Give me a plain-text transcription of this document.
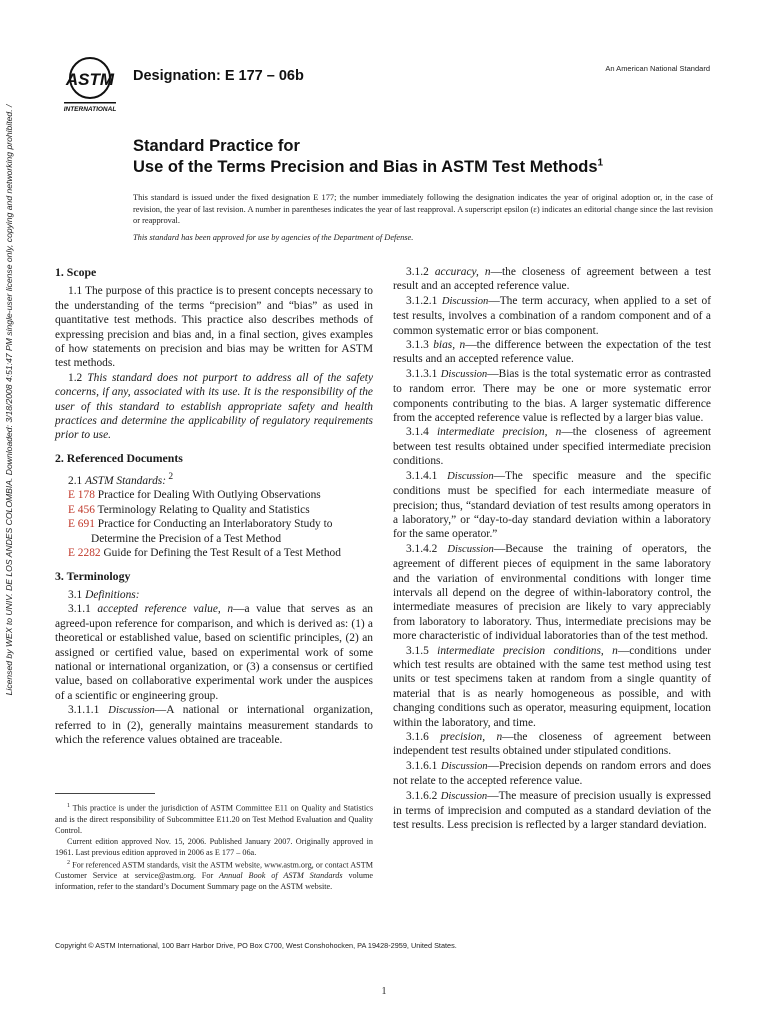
Licensed by WEX to UNIV. DE LOS ANDES COLOMBIA. Downloaded: 3/18/2008 4:51:47 PM single-user license only, copying and networking prohibited. /
ASTM
INTERNATIONAL
Designation: E 177 – 06b	An American National Standard
Standard Practice for
Use of the Terms Precision and Bias in ASTM Test Methods$^1$
This standard is issued under the fixed designation E 177; the number immediately following the designation indicates the year of original adoption or, in the case of revision, the year of last revision. A number in parentheses indicates the year of last reapproval. A superscript epsilon (ε) indicates an editorial change since the last revision or reapproval.
This standard has been approved for use by agencies of the Department of Defense.
1. Scope
1.1 The purpose of this practice is to present concepts necessary to the understanding of the terms “precision” and “bias” as used in quantitative test methods. This practice also describes methods of expressing precision and bias and, in a final section, gives examples of how statements on precision and bias may be written for ASTM test methods.
1.2 This standard does not purport to address all of the safety concerns, if any, associated with its use. It is the responsibility of the user of this standard to establish appropriate safety and health practices and determine the applicability of regulatory requirements prior to use.
2. Referenced Documents
2.1 ASTM Standards: $^2$
E 178 Practice for Dealing With Outlying Observations
E 456 Terminology Relating to Quality and Statistics
E 691 Practice for Conducting an Interlaboratory Study to
Determine the Precision of a Test Method
E 2282 Guide for Defining the Test Result of a Test Method
3. Terminology
3.1 Definitions:
3.1.1 accepted reference value, n—a value that serves as an agreed-upon reference for comparison, and which is derived as: (1) a theoretical or established value, based on scientific principles, (2) an assigned or certified value, based on experimental work of some national or international organization, or (3) a consensus or certified value, based on collaborative experimental work under the auspices of a scientific or engineering group.
3.1.1.1 Discussion—A national or international organization, referred to in (2), generally maintains measurement standards to which the reference values obtained are traceable.
3.1.2 accuracy, n—the closeness of agreement between a test result and an accepted reference value.
3.1.2.1 Discussion—The term accuracy, when applied to a set of test results, involves a combination of a random component and of a common systematic error or bias component.
3.1.3 bias, n—the difference between the expectation of the test results and an accepted reference value.
3.1.3.1 Discussion—Bias is the total systematic error as contrasted to random error. There may be one or more systematic error components contributing to the bias. A larger systematic difference from the accepted reference value is reflected by a larger bias value.
3.1.4 intermediate precision, n—the closeness of agreement between test results obtained under specified intermediate precision conditions.
3.1.4.1 Discussion—The specific measure and the specific conditions must be specified for each intermediate measure of precision; thus, “standard deviation of test results among operators in a laboratory,” or “day-to-day standard deviation within a laboratory for the same operator.”
3.1.4.2 Discussion—Because the training of operators, the agreement of different pieces of equipment in the same laboratory and the variation of environmental conditions with longer time intervals all depend on the degree of within-laboratory control, the intermediate measures of precision are likely to vary appreciably from laboratory to laboratory. Thus, intermediate precisions may be more characteristic of individual laboratories than of the test method.
3.1.5 intermediate precision conditions, n—conditions under which test results are obtained with the same test method using test units or test specimens taken at random from a single quantity of material that is as nearly homogeneous as possible, and with changing conditions such as operator, measuring equipment, location within the laboratory, and time.
3.1.6 precision, n—the closeness of agreement between independent test results obtained under stipulated conditions.
3.1.6.1 Discussion—Precision depends on random errors and does not relate to the accepted reference value.
3.1.6.2 Discussion—The measure of precision usually is expressed in terms of imprecision and computed as a standard deviation of the test results. Less precision is reflected by a larger standard deviation.
$^1$ This practice is under the jurisdiction of ASTM Committee E11 on Quality and Statistics and is the direct responsibility of Subcommittee E11.20 on Test Method Evaluation and Quality Control.
Current edition approved Nov. 15, 2006. Published January 2007. Originally approved in 1961. Last previous edition approved in 2006 as E 177 – 06a.
$^2$ For referenced ASTM standards, visit the ASTM website, www.astm.org, or contact ASTM Customer Service at service@astm.org. For Annual Book of ASTM Standards volume information, refer to the standard’s Document Summary page on the ASTM website.
Copyright © ASTM International, 100 Barr Harbor Drive, PO Box C700, West Conshohocken, PA 19428-2959, United States.
1
